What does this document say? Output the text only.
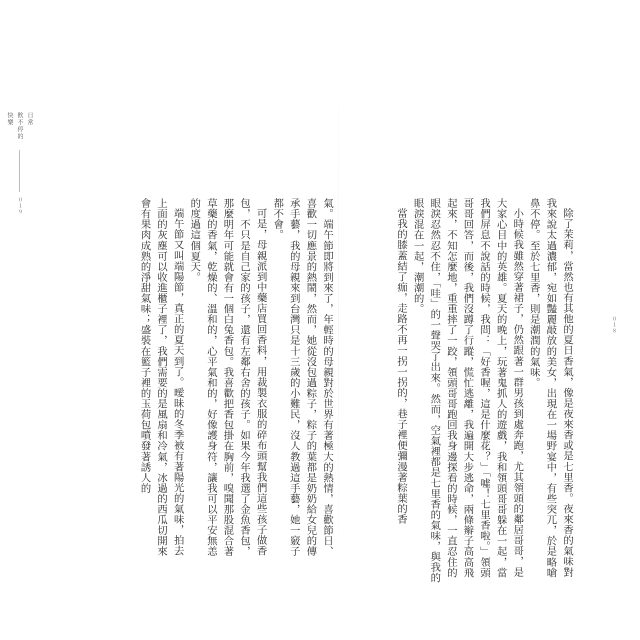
日常
飲不停的
快樂
０１９	氣。端午節即將到來了，年輕時的母親對於世界有著極大的熱情，喜歡節日、喜歡一切應景的熱鬧，然而，她從沒包過粽子，粽子的葉都是奶奶給女兒的傳承手藝，我的母親來到台灣只是十三歲的小難民，沒人教過這手藝，她一竅子都不會。

可是，母親派到中藥店買回香料，用裁製衣服的碎布頭幫我們這些孩子做香包，不只是自己家的孩子，還有左鄰右舍的孩子。如果今年我選了金魚香包，那麼明年可能就會有一個白兔香包。我喜歡把香包掛在胸前，嗅聞那股混合著草藥的香氣，乾燥的、溫和的，心平氣和的，好像護身符，讓我可以平安無恙的度過這個夏天。

端午節又叫端陽節，真正的夏天到了。曖昧的冬季被有著陽光的氣味，拍去上面的灰塵可以收進櫃子裡了，我們需要的是風扇和冷氣，冰過的西瓜切開來會有果肉成熟的淨甜氣味；盛裝在籃子裡的玉荷包噴發著誘人的	除了茉莉，當然也有其他的夏日香氣，像是夜來香或是七里香。夜來香的氣味對我來說太過濃郁，宛如豔麗敲放的美女，出現在一場野宴中，有些突兀，於是略嗆鼻不停。至於七里香，則是潮潤的氣味。

小時候我雖然穿著裙子，仍然跟著一群男孩到處奔跑，尤其領頭的鄰居哥哥，是大家心目中的英雄。夏天的晚上，玩著鬼抓人的遊戲，我和領頭哥哥躲在一起，當我們屏息不說話的時候，我問：「好香喔，這是什麼花？」「噓！七里香啦。」領頭哥哥回答，而後，我們沒蹲了行蹤，慌忙逃離，我遍開大步逃命，兩條辮子高高飛起來，不知怎麼地，重重摔了一跤，領頭哥哥跑回我身邊探看的時候，一直忍住的眼淚忍然忍不住，「哇」的一聲哭了出來。然而，空氣裡都是七里香的氣味，與我的眼淚混在一起，潮潮的。

當我的膝蓋結了痂，走路不再一拐一拐的，巷子裡便彌漫著粽葉的香	０１８
